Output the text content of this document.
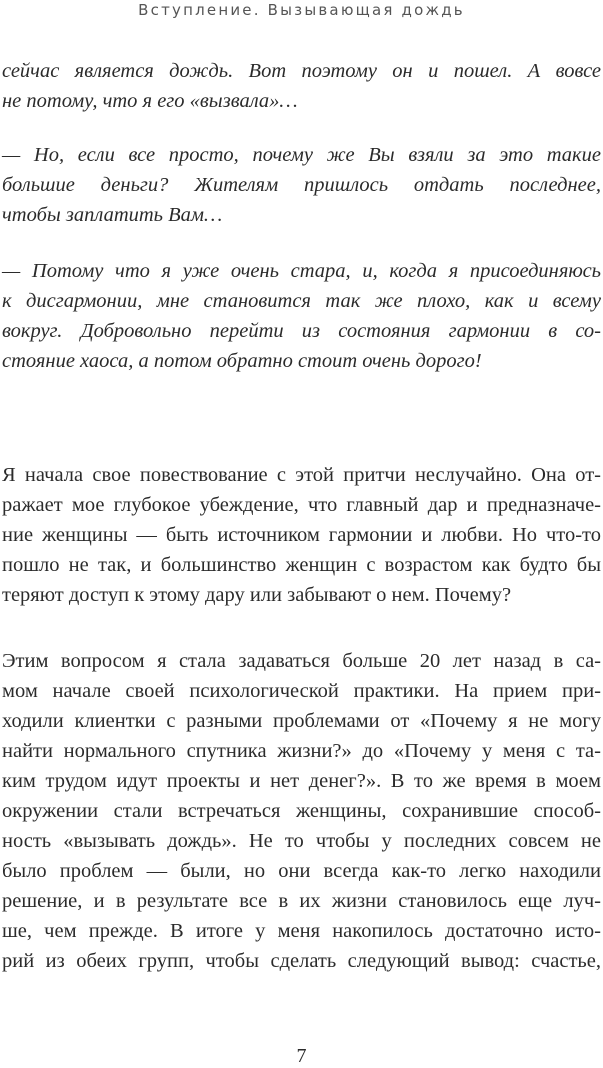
Вступление. Вызывающая дождь

сейчас является дождь. Вот поэтому он и пошел. А вовсе
не потому, что я его «вызвала»…

— Но, если все просто, почему же Вы взяли за это такие
большие деньги? Жителям пришлось отдать последнее,
чтобы заплатить Вам…

— Потому что я уже очень стара, и, когда я присоединяюсь
к дисгармонии, мне становится так же плохо, как и всему
вокруг. Добровольно перейти из состояния гармонии в со-
стояние хаоса, а потом обратно стоит очень дорого!

Я начала свое повествование с этой притчи неслучайно. Она от-
ражает мое глубокое убеждение, что главный дар и предназначе-
ние женщины — быть источником гармонии и любви. Но что-то
пошло не так, и большинство женщин с возрастом как будто бы
теряют доступ к этому дару или забывают о нем. Почему?

Этим вопросом я стала задаваться больше 20 лет назад в са-
мом начале своей психологической практики. На прием при-
ходили клиентки с разными проблемами от «Почему я не могу
найти нормального спутника жизни?» до «Почему у меня с та-
ким трудом идут проекты и нет денег?». В то же время в моем
окружении стали встречаться женщины, сохранившие способ-
ность «вызывать дождь». Не то чтобы у последних совсем не
было проблем — были, но они всегда как-то легко находили
решение, и в результате все в их жизни становилось еще луч-
ше, чем прежде. В итоге у меня накопилось достаточно исто-
рий из обеих групп, чтобы сделать следующий вывод: счастье,

7
